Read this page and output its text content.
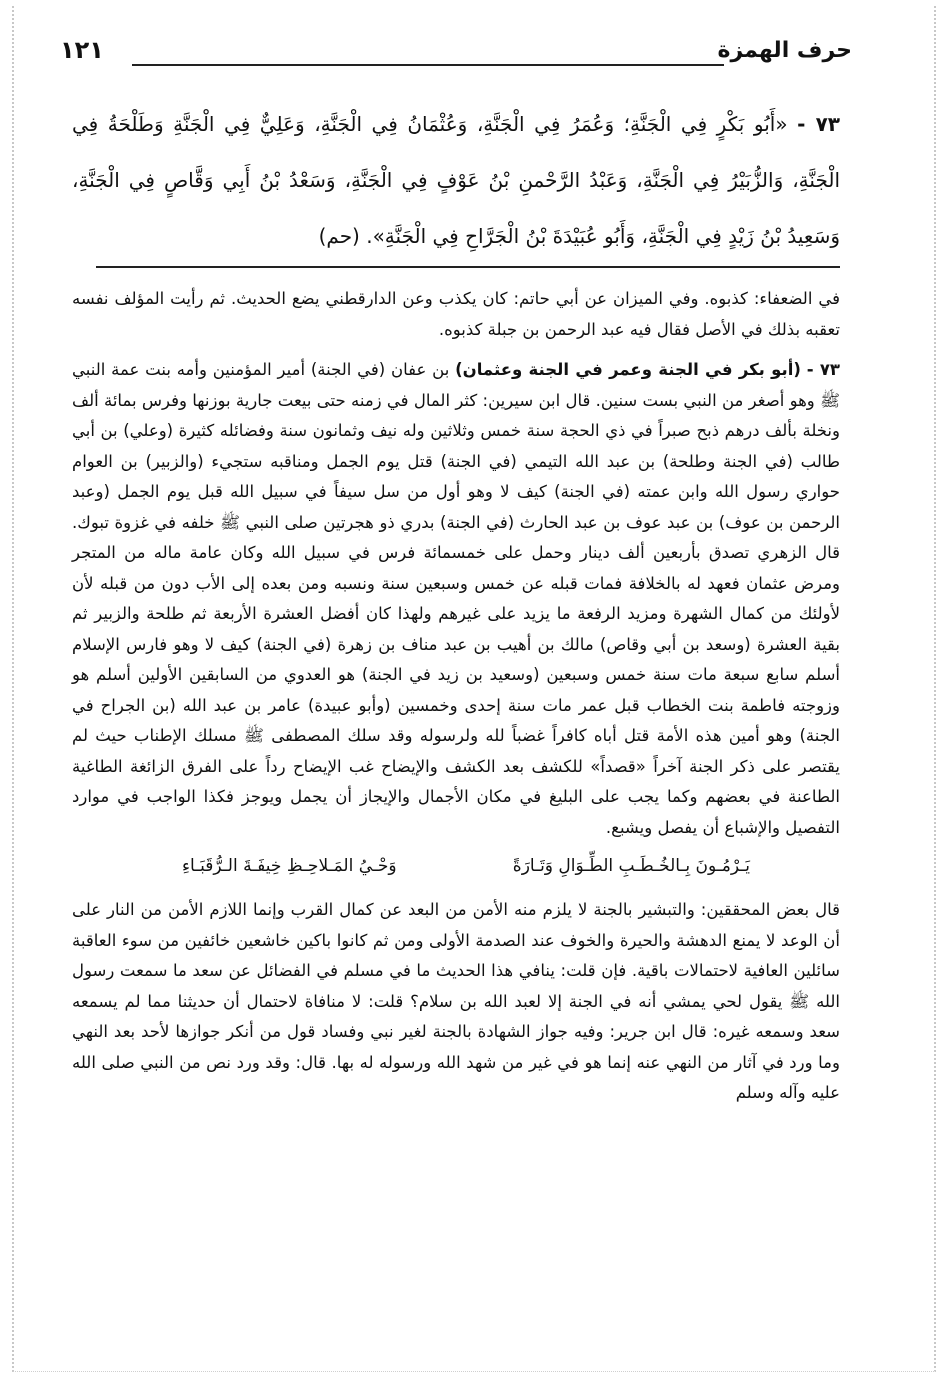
حرف الهمزة
١٢١
٧٣ - «أَبُو بَكْرٍ فِي الْجَنَّةِ؛ وَعُمَرُ فِي الْجَنَّةِ، وَعُثْمَانُ فِي الْجَنَّةِ، وَعَلِيٌّ فِي الْجَنَّةِ وَطَلْحَةُ فِي الْجَنَّةِ، وَالزُّبَيْرُ فِي الْجَنَّةِ، وَعَبْدُ الرَّحْمنِ بْنُ عَوْفٍ فِي الْجَنَّةِ، وَسَعْدُ بْنُ أَبِي وَقَّاصٍ فِي الْجَنَّةِ، وَسَعِيدُ بْنُ زَيْدٍ فِي الْجَنَّةِ، وَأَبُو عُبَيْدَةَ بْنُ الْجَرَّاحِ فِي الْجَنَّةِ». (حم)

في الضعفاء: كذبوه. وفي الميزان عن أبي حاتم: كان يكذب وعن الدارقطني يضع الحديث. ثم رأيت المؤلف نفسه تعقبه بذلك في الأصل فقال فيه عبد الرحمن بن جبلة كذبوه.

٧٣ - (أبو بكر في الجنة وعمر في الجنة وعثمان) بن عفان (في الجنة) أمير المؤمنين وأمه بنت عمة النبي ﷺ وهو أصغر من النبي بست سنين. قال ابن سيرين: كثر المال في زمنه حتى بيعت جارية بوزنها وفرس بمائة ألف ونخلة بألف درهم ذبح صبراً في ذي الحجة سنة خمس وثلاثين وله نيف وثمانون سنة وفضائله كثيرة (وعلي) بن أبي طالب (في الجنة وطلحة) بن عبد الله التيمي (في الجنة) قتل يوم الجمل ومناقبه ستجيء (والزبير) بن العوام حواري رسول الله وابن عمته (في الجنة) كيف لا وهو أول من سل سيفاً في سبيل الله قبل يوم الجمل (وعبد الرحمن بن عوف) بن عبد عوف بن عبد الحارث (في الجنة) بدري ذو هجرتين صلى النبي ﷺ خلفه في غزوة تبوك. قال الزهري تصدق بأربعين ألف دينار وحمل على خمسمائة فرس في سبيل الله وكان عامة ماله من المتجر ومرض عثمان فعهد له بالخلافة فمات قبله عن خمس وسبعين سنة ونسبه ومن بعده إلى الأب دون من قبله لأن لأولئك من كمال الشهرة ومزيد الرفعة ما يزيد على غيرهم ولهذا كان أفضل العشرة الأربعة ثم طلحة والزبير ثم بقية العشرة (وسعد بن أبي وقاص) مالك بن أهيب بن عبد مناف بن زهرة (في الجنة) كيف لا وهو فارس الإسلام أسلم سابع سبعة مات سنة خمس وسبعين (وسعيد بن زيد في الجنة) هو العدوي من السابقين الأولين أسلم هو وزوجته فاطمة بنت الخطاب قبل عمر مات سنة إحدى وخمسين (وأبو عبيدة) عامر بن عبد الله (بن الجراح في الجنة) وهو أمين هذه الأمة قتل أباه كافراً غضباً لله ولرسوله وقد سلك المصطفى ﷺ مسلك الإطناب حيث لم يقتصر على ذكر الجنة آخراً «قصداً» للكشف بعد الكشف والإيضاح غب الإيضاح رداً على الفرق الزائغة الطاغية الطاعنة في بعضهم وكما يجب على البليغ في مكان الأجمال والإيجاز أن يجمل ويوجز فكذا الواجب في موارد التفصيل والإشباع أن يفصل ويشبع.

يَـرْمُـونَ بِـالخُـطَـبِ الطِّـوَالِ وَتَـارَةً
وَحْـيُ المَـلاحِـظِ خِيفَـةَ الـرُّقَبَـاءِ

قال بعض المحققين: والتبشير بالجنة لا يلزم منه الأمن من البعد عن كمال القرب وإنما اللازم الأمن من النار على أن الوعد لا يمنع الدهشة والحيرة والخوف عند الصدمة الأولى ومن ثم كانوا باكين خاشعين خائفين من سوء العاقبة سائلين العافية لاحتمالات باقية. فإن قلت: ينافي هذا الحديث ما في مسلم في الفضائل عن سعد ما سمعت رسول الله ﷺ يقول لحي يمشي أنه في الجنة إلا لعبد الله بن سلام؟ قلت: لا منافاة لاحتمال أن حديثنا مما لم يسمعه سعد وسمعه غيره: قال ابن جرير: وفيه جواز الشهادة بالجنة لغير نبي وفساد قول من أنكر جوازها لأحد بعد النهي وما ورد في آثار من النهي عنه إنما هو في غير من شهد الله ورسوله له بها. قال: وقد ورد نص من النبي صلى الله عليه وآله وسلم
